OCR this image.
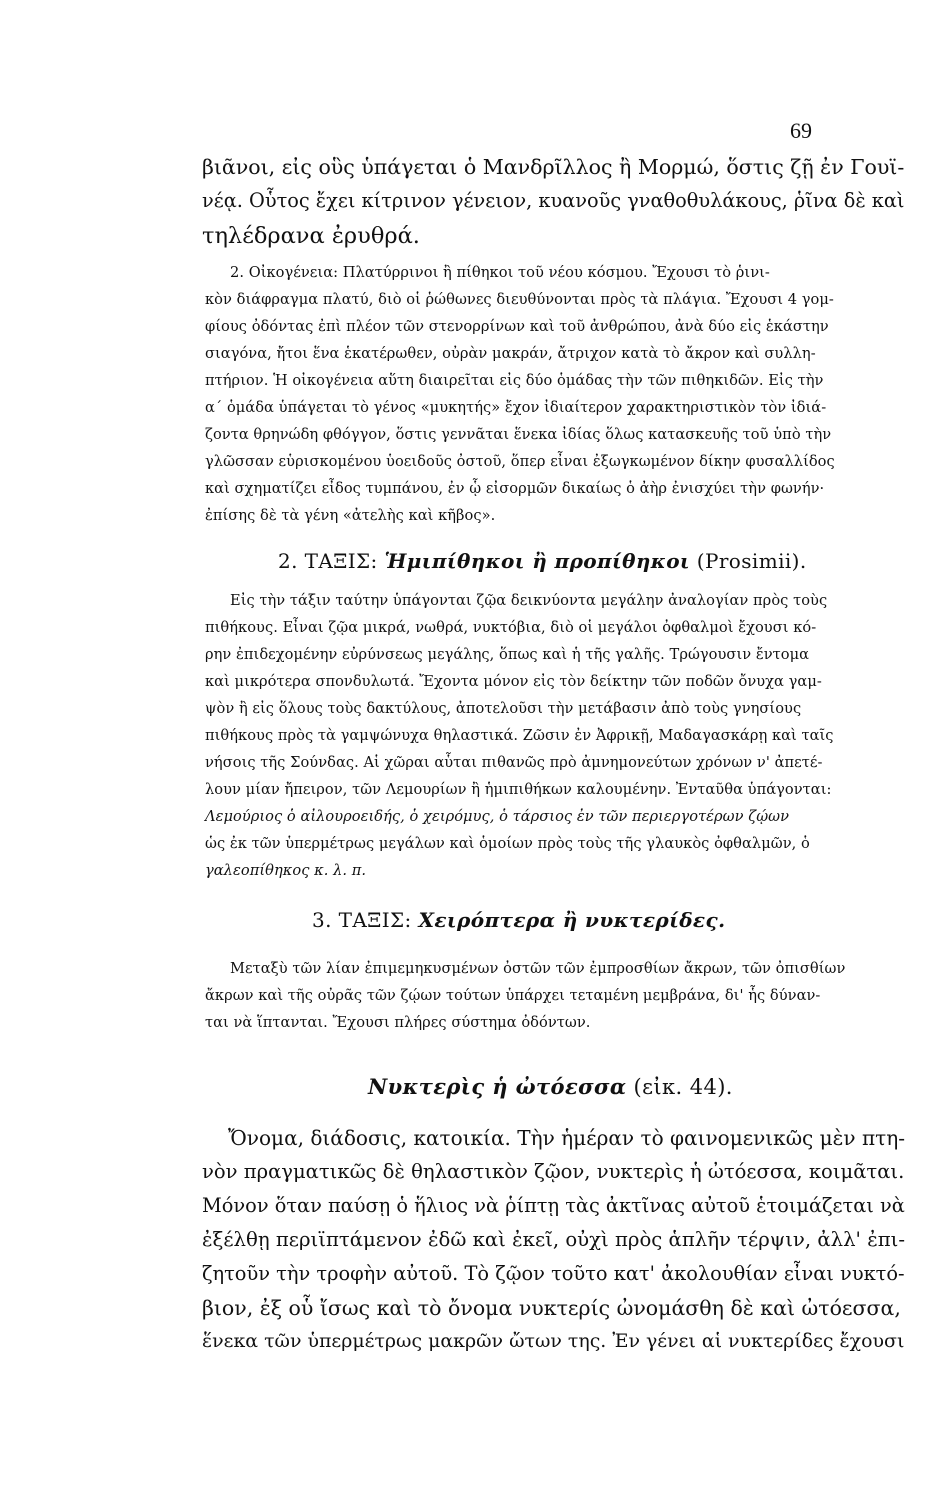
69
βιᾶνοι, εἰς οὓς ὑπάγεται ὁ Μανδρῖλλος ἢ Μορμώ, ὅστις ζῇ ἐν Γουϊ-
νέᾳ. Οὗτος ἔχει κίτρινον γένειον, κυανοῦς γναθοθυλάκους, ῥῖνα δὲ καὶ
τηλέδρανα ἐρυθρά.
2. Οἰκογένεια: Πλατύρρινοι ἢ πίθηκοι τοῦ νέου κόσμου. Ἔχουσι τὸ ῥινι-
κὸν διάφραγμα πλατύ, διὸ οἱ ῥώθωνες διευθύνονται πρὸς τὰ πλάγια. Ἔχουσι 4 γομ-
φίους ὀδόντας ἐπὶ πλέον τῶν στενορρίνων καὶ τοῦ ἀνθρώπου, ἀνὰ δύο εἰς ἑκάστην
σιαγόνα, ἤτοι ἕνα ἑκατέρωθεν, οὐρὰν μακράν, ἄτριχον κατὰ τὸ ἄκρον καὶ συλλη-
πτήριον. Ἡ οἰκογένεια αὕτη διαιρεῖται εἰς δύο ὁμάδας τὴν τῶν πιθηκιδῶν. Εἰς τὴν
α´ ὁμάδα ὑπάγεται τὸ γένος «μυκητής» ἔχον ἰδιαίτερον χαρακτηριστικὸν τὸν ἰδιά-
ζοντα θρηνώδη φθόγγον, ὅστις γεννᾶται ἕνεκα ἰδίας ὅλως κατασκευῆς τοῦ ὑπὸ τὴν
γλῶσσαν εὑρισκομένου ὑοειδοῦς ὀστοῦ, ὅπερ εἶναι ἐξωγκωμένον δίκην φυσαλλίδος
καὶ σχηματίζει εἶδος τυμπάνου, ἐν ᾧ εἰσορμῶν δικαίως ὁ ἀὴρ ἐνισχύει τὴν φωνήν·
ἐπίσης δὲ τὰ γένη «ἀτελὴς καὶ κῆβος».
2. ΤΑΞΙΣ: Ἡμιπίθηκοι ἢ προπίθηκοι (Prosimii).
Εἰς τὴν τάξιν ταύτην ὑπάγονται ζῷα δεικνύοντα μεγάλην ἀναλογίαν πρὸς τοὺς
πιθήκους. Εἶναι ζῷα μικρά, νωθρά, νυκτόβια, διὸ οἱ μεγάλοι ὀφθαλμοὶ ἔχουσι κό-
ρην ἐπιδεχομένην εὐρύνσεως μεγάλης, ὅπως καὶ ἡ τῆς γαλῆς. Τρώγουσιν ἔντομα
καὶ μικρότερα σπονδυλωτά. Ἔχοντα μόνον εἰς τὸν δείκτην τῶν ποδῶν ὄνυχα γαμ-
ψὸν ἢ εἰς ὅλους τοὺς δακτύλους, ἀποτελοῦσι τὴν μετάβασιν ἀπὸ τοὺς γνησίους
πιθήκους πρὸς τὰ γαμψώνυχα θηλαστικά. Ζῶσιν ἐν Ἀφρικῇ, Μαδαγασκάρῃ καὶ ταῖς
νήσοις τῆς Σούνδας. Αἱ χῶραι αὗται πιθανῶς πρὸ ἀμνημονεύτων χρόνων ν' ἀπετέ-
λουν μίαν ἤπειρον, τῶν Λεμουρίων ἢ ἡμιπιθήκων καλουμένην. Ἐνταῦθα ὑπάγονται:
Λεμούριος ὁ αἰλουροειδής, ὁ χειρόμυς, ὁ τάρσιος ἐν τῶν περιεργοτέρων ζῴων
ὡς ἐκ τῶν ὑπερμέτρως μεγάλων καὶ ὁμοίων πρὸς τοὺς τῆς γλαυκὸς ὀφθαλμῶν, ὁ
γαλεοπίθηκος κ. λ. π.
3. ΤΑΞΙΣ: Χειρόπτερα ἢ νυκτερίδες.
Μεταξὺ τῶν λίαν ἐπιμεμηκυσμένων ὀστῶν τῶν ἐμπροσθίων ἄκρων, τῶν ὀπισθίων
ἄκρων καὶ τῆς οὐρᾶς τῶν ζῴων τούτων ὑπάρχει τεταμένη μεμβράνα, δι' ἧς δύναν-
ται νὰ ἵπτανται. Ἔχουσι πλήρες σύστημα ὀδόντων.
Νυκτερὶς ἡ ὠτόεσσα (εἰκ. 44).
Ὄνομα, διάδοσις, κατοικία. Τὴν ἡμέραν τὸ φαινομενικῶς μὲν πτη-
νὸν πραγματικῶς δὲ θηλαστικὸν ζῷον, νυκτερὶς ἡ ὠτόεσσα, κοιμᾶται.
Μόνον ὅταν παύσῃ ὁ ἥλιος νὰ ῥίπτῃ τὰς ἀκτῖνας αὐτοῦ ἑτοιμάζεται νὰ
ἐξέλθῃ περιϊπτάμενον ἐδῶ καὶ ἐκεῖ, οὐχὶ πρὸς ἁπλῆν τέρψιν, ἀλλ' ἐπι-
ζητοῦν τὴν τροφὴν αὐτοῦ. Τὸ ζῷον τοῦτο κατ' ἀκολουθίαν εἶναι νυκτό-
βιον, ἐξ οὗ ἴσως καὶ τὸ ὄνομα νυκτερίς ὠνομάσθη δὲ καὶ ὠτόεσσα,
ἕνεκα τῶν ὑπερμέτρως μακρῶν ὤτων της. Ἐν γένει αἱ νυκτερίδες ἔχουσι
